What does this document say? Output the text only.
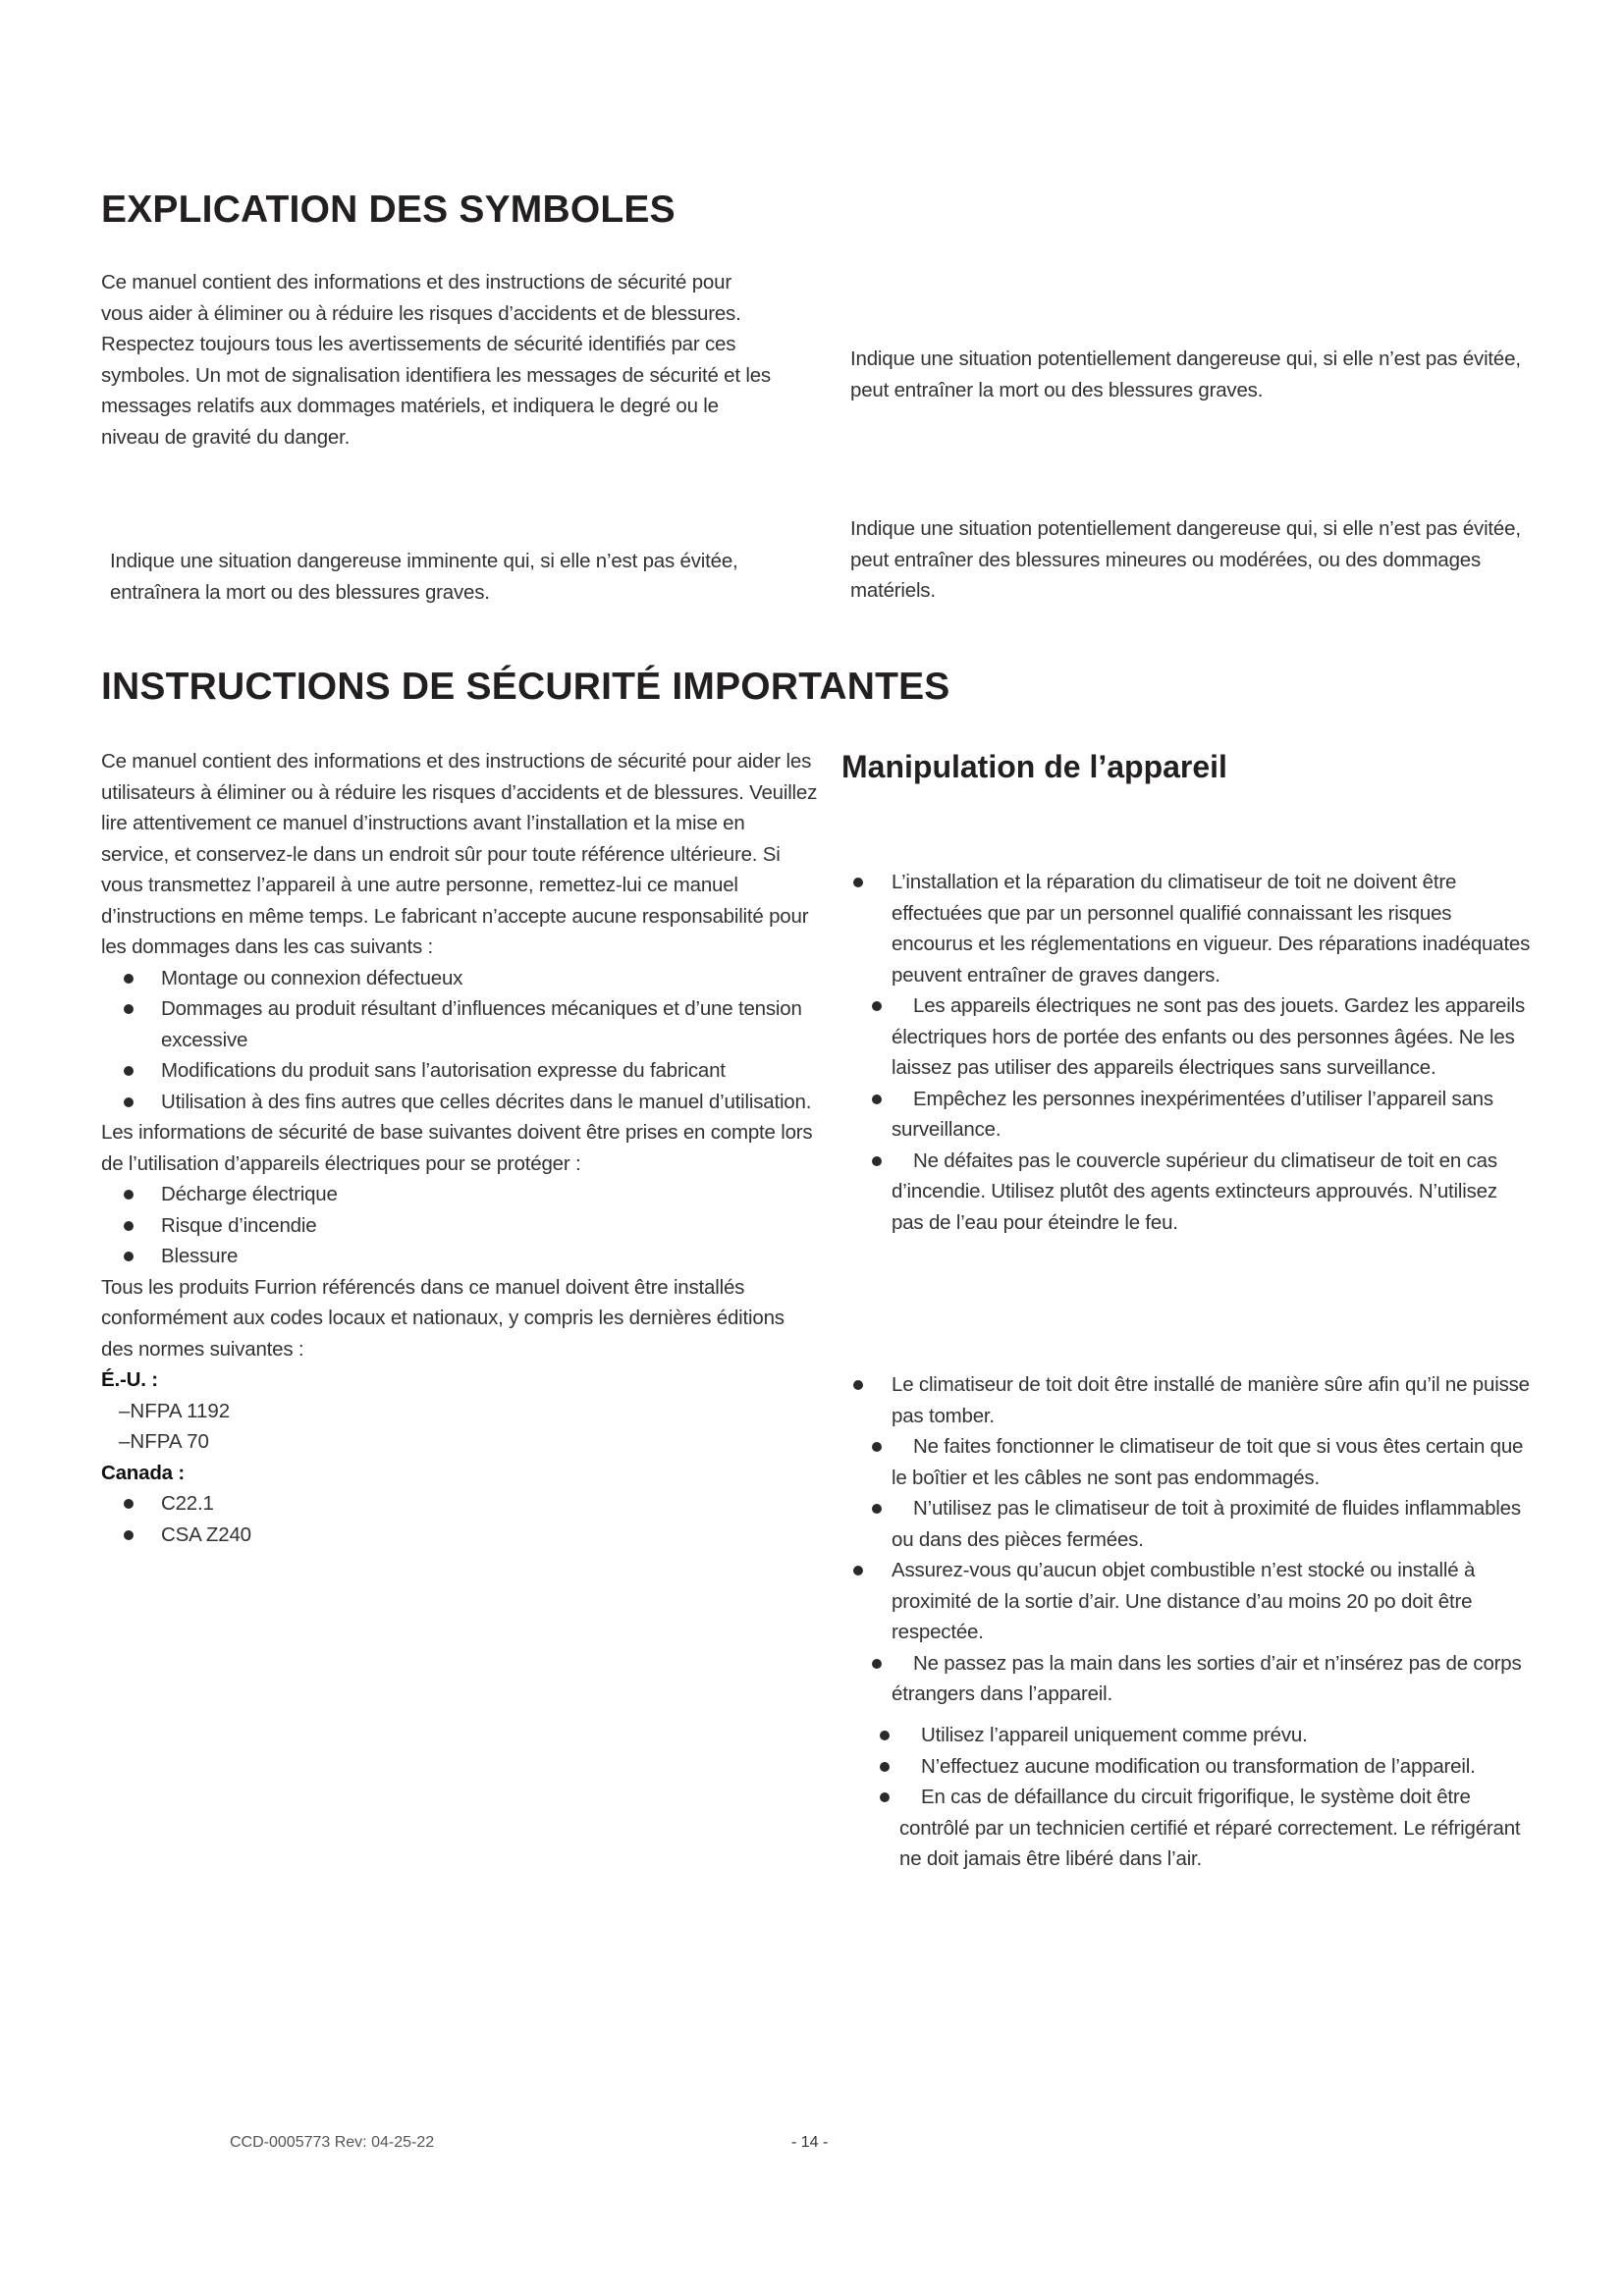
EXPLICATION DES SYMBOLES

Ce manuel contient des informations et des instructions de sécurité pour vous aider à éliminer ou à réduire les risques d’accidents et de blessures. Respectez toujours tous les avertissements de sécurité identifiés par ces symboles. Un mot de signalisation identifiera les messages de sécurité et les messages relatifs aux dommages matériels, et indiquera le degré ou le niveau de gravité du danger.

Indique une situation potentiellement dangereuse qui, si elle n’est pas évitée, peut entraîner la mort ou des blessures graves.

Indique une situation dangereuse imminente qui, si elle n’est pas évitée, entraînera la mort ou des blessures graves.

Indique une situation potentiellement dangereuse qui, si elle n’est pas évitée, peut entraîner des blessures mineures ou modérées, ou des dommages matériels.

INSTRUCTIONS DE SÉCURITÉ IMPORTANTES

Ce manuel contient des informations et des instructions de sécurité pour aider les utilisateurs à éliminer ou à réduire les risques d’accidents et de blessures. Veuillez lire attentivement ce manuel d’instructions avant l’installation et la mise en service, et conservez-le dans un endroit sûr pour toute référence ultérieure. Si vous transmettez l’appareil à une autre personne, remettez-lui ce manuel d’instructions en même temps. Le fabricant n’accepte aucune responsabilité pour les dommages dans les cas suivants :

Montage ou connexion défectueux
Dommages au produit résultant d’influences mécaniques et d’une tension excessive
Modifications du produit sans l’autorisation expresse du fabricant
Utilisation à des fins autres que celles décrites dans le manuel d’utilisation.

Les informations de sécurité de base suivantes doivent être prises en compte lors de l’utilisation d’appareils électriques pour se protéger :

Décharge électrique
Risque d’incendie
Blessure

Tous les produits Furrion référencés dans ce manuel doivent être installés conformément aux codes locaux et nationaux, y compris les dernières éditions des normes suivantes :

É.-U. :
–NFPA 1192
–NFPA 70
Canada :
C22.1
CSA Z240
Manipulation de l’appareil
L’installation et la réparation du climatiseur de toit ne doivent être effectuées que par un personnel qualifié connaissant les risques encourus et les réglementations en vigueur. Des réparations inadéquates peuvent entraîner de graves dangers.
Les appareils électriques ne sont pas des jouets. Gardez les appareils électriques hors de portée des enfants ou des personnes âgées. Ne les laissez pas utiliser des appareils électriques sans surveillance.
Empêchez les personnes inexpérimentées d’utiliser l’appareil sans surveillance.
Ne défaites pas le couvercle supérieur du climatiseur de toit en cas d’incendie. Utilisez plutôt des agents extincteurs approuvés. N’utilisez pas de l’eau pour éteindre le feu.
Le climatiseur de toit doit être installé de manière sûre afin qu’il ne puisse pas tomber.
Ne faites fonctionner le climatiseur de toit que si vous êtes certain que le boîtier et les câbles ne sont pas endommagés.
N’utilisez pas le climatiseur de toit à proximité de fluides inflammables ou dans des pièces fermées.
Assurez-vous qu’aucun objet combustible n’est stocké ou installé à proximité de la sortie d’air. Une distance d’au moins 20 po doit être respectée.
Ne passez pas la main dans les sorties d’air et n’insérez pas de corps étrangers dans l’appareil.
Utilisez l’appareil uniquement comme prévu.
N’effectuez aucune modification ou transformation de l’appareil.
En cas de défaillance du circuit frigorifique, le système doit être contrôlé par un technicien certifié et réparé correctement. Le réfrigérant ne doit jamais être libéré dans l’air.
CCD-0005773 Rev: 04-25-22	- 14 -
